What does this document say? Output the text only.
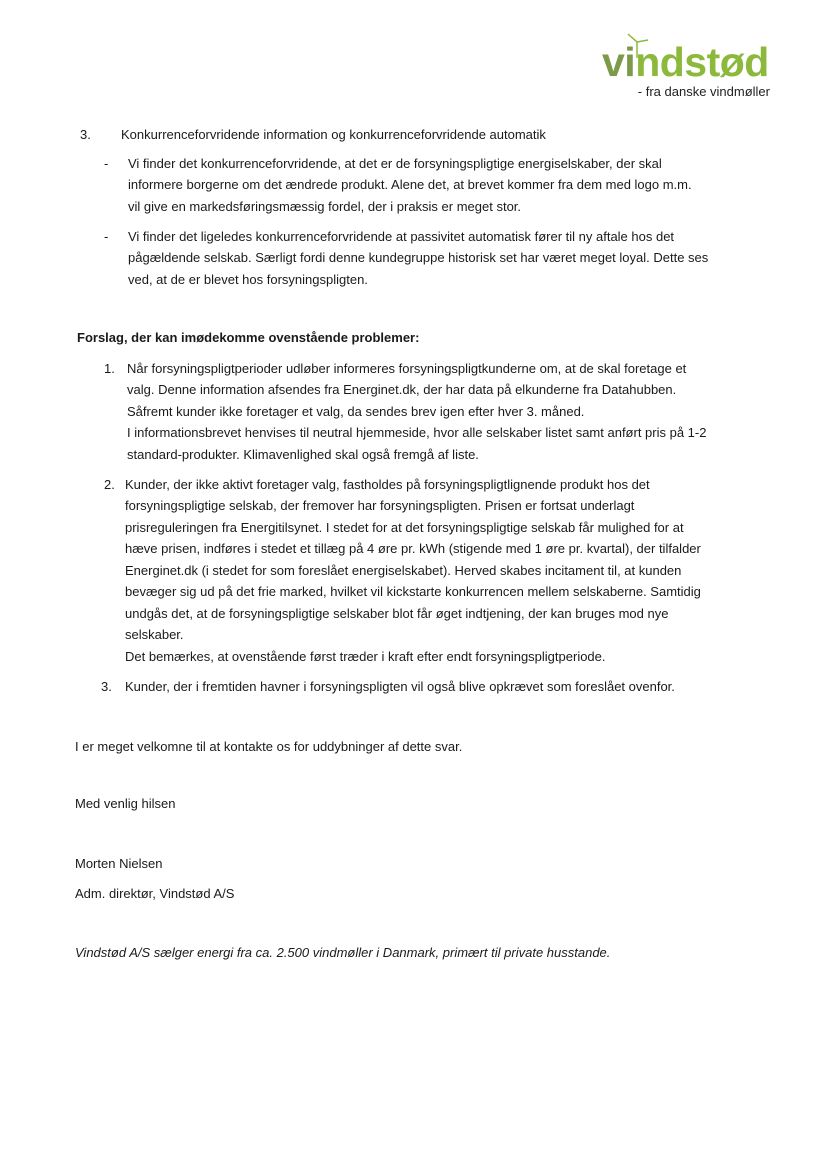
vindstød
- fra danske vindmøller
3. Konkurrenceforvridende information og konkurrenceforvridende automatik
- Vi finder det konkurrenceforvridende, at det er de forsyningspligtige energiselskaber, der skal
informere borgerne om det ændrede produkt. Alene det, at brevet kommer fra dem med logo m.m.
vil give en markedsføringsmæssig fordel, der i praksis er meget stor.
- Vi finder det ligeledes konkurrenceforvridende at passivitet automatisk fører til ny aftale hos det
pågældende selskab. Særligt fordi denne kundegruppe historisk set har været meget loyal. Dette ses
ved, at de er blevet hos forsyningspligten.
Forslag, der kan imødekomme ovenstående problemer:
1. Når forsyningspligtperioder udløber informeres forsyningspligtkunderne om, at de skal foretage et
valg. Denne information afsendes fra Energinet.dk, der har data på elkunderne fra Datahubben.
Såfremt kunder ikke foretager et valg, da sendes brev igen efter hver 3. måned.
I informationsbrevet henvises til neutral hjemmeside, hvor alle selskaber listet samt anført pris på 1-2
standard-produkter. Klimavenlighed skal også fremgå af liste.
2. Kunder, der ikke aktivt foretager valg, fastholdes på forsyningspligtlignende produkt hos det
forsyningspligtige selskab, der fremover har forsyningspligten. Prisen er fortsat underlagt
prisreguleringen fra Energitilsynet. I stedet for at det forsyningspligtige selskab får mulighed for at
hæve prisen, indføres i stedet et tillæg på 4 øre pr. kWh (stigende med 1 øre pr. kvartal), der tilfalder
Energinet.dk (i stedet for som foreslået energiselskabet). Herved skabes incitament til, at kunden
bevæger sig ud på det frie marked, hvilket vil kickstarte konkurrencen mellem selskaberne. Samtidig
undgås det, at de forsyningspligtige selskaber blot får øget indtjening, der kan bruges mod nye
selskaber.
Det bemærkes, at ovenstående først træder i kraft efter endt forsyningspligtperiode.
3. Kunder, der i fremtiden havner i forsyningspligten vil også blive opkrævet som foreslået ovenfor.
I er meget velkomne til at kontakte os for uddybninger af dette svar.
Med venlig hilsen
Morten Nielsen
Adm. direktør, Vindstød A/S
Vindstød A/S sælger energi fra ca. 2.500 vindmøller i Danmark, primært til private husstande.
